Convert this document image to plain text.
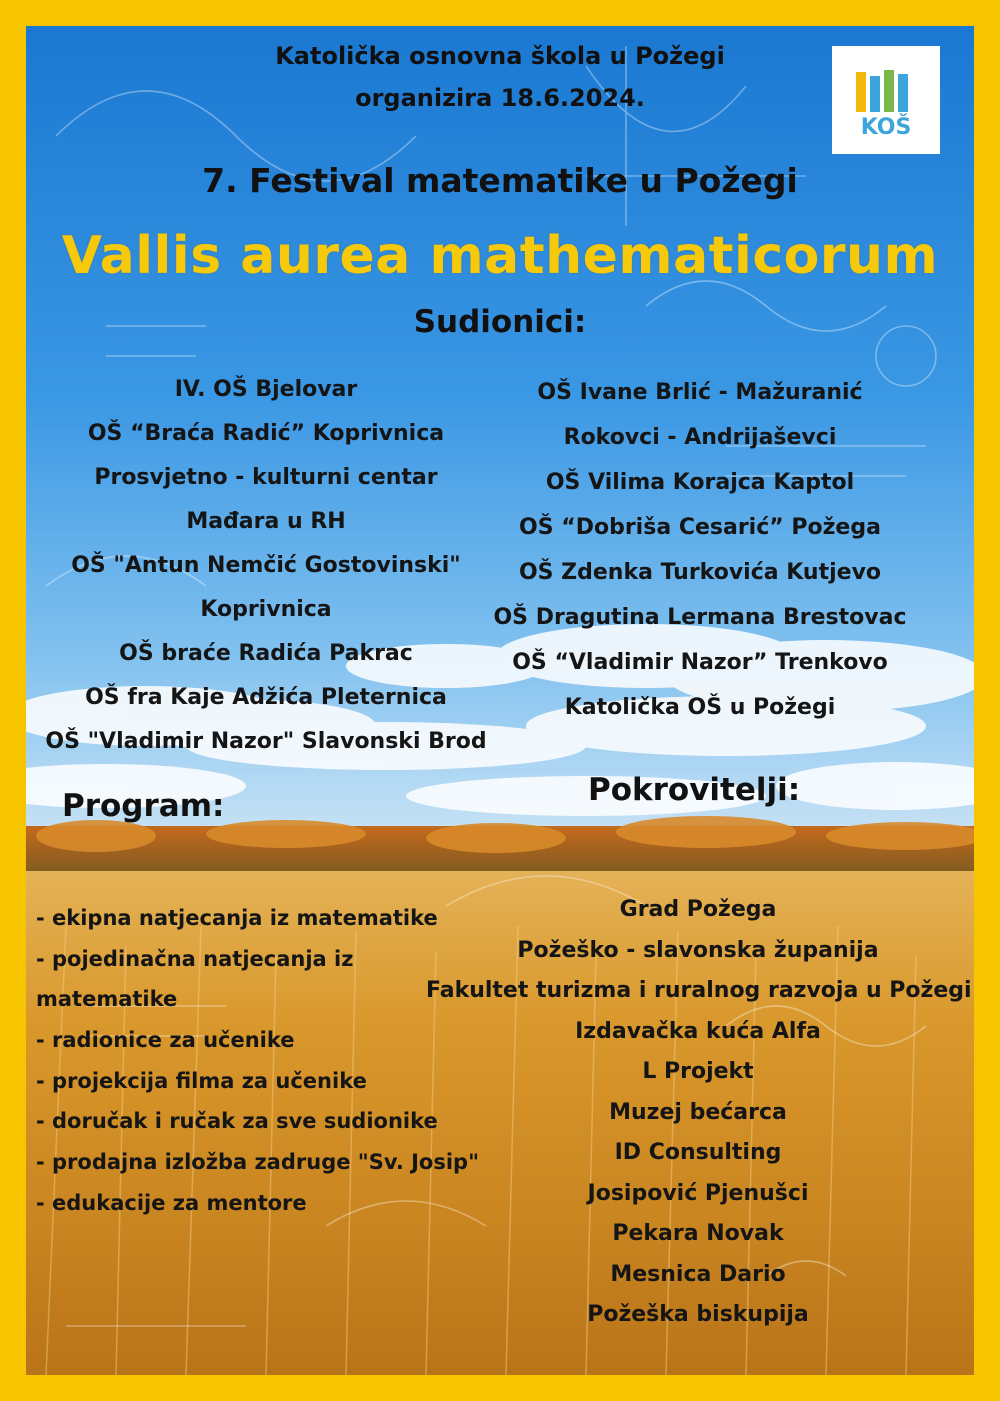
KOŠ
Katolička osnovna škola u Požegi
organizira 18.6.2024.
7. Festival matematike u Požegi
Vallis aurea mathematicorum
Sudionici:
IV. OŠ Bjelovar
OŠ “Braća Radić” Koprivnica
Prosvjetno - kulturni centar
Mađara u RH
OŠ "Antun Nemčić Gostovinski"
Koprivnica
OŠ braće Radića Pakrac
OŠ fra Kaje Adžića Pleternica
OŠ "Vladimir Nazor" Slavonski Brod
OŠ Ivane Brlić - Mažuranić
Rokovci - Andrijaševci
OŠ Vilima Korajca Kaptol
OŠ “Dobriša Cesarić” Požega
OŠ Zdenka Turkovića Kutjevo
OŠ Dragutina Lermana Brestovac
OŠ “Vladimir Nazor” Trenkovo
Katolička OŠ u Požegi
Program:
- ekipna natjecanja iz matematike
- pojedinačna natjecanja iz
matematike
- radionice za učenike
- projekcija filma za učenike
- doručak i ručak za sve sudionike
- prodajna izložba zadruge "Sv. Josip"
- edukacije za mentore
Pokrovitelji:
Grad Požega
Požeško - slavonska županija
Fakultet turizma i ruralnog razvoja u Požegi
Izdavačka kuća Alfa
L Projekt
Muzej bećarca
ID Consulting
Josipović Pjenušci
Pekara Novak
Mesnica Dario
Požeška biskupija
